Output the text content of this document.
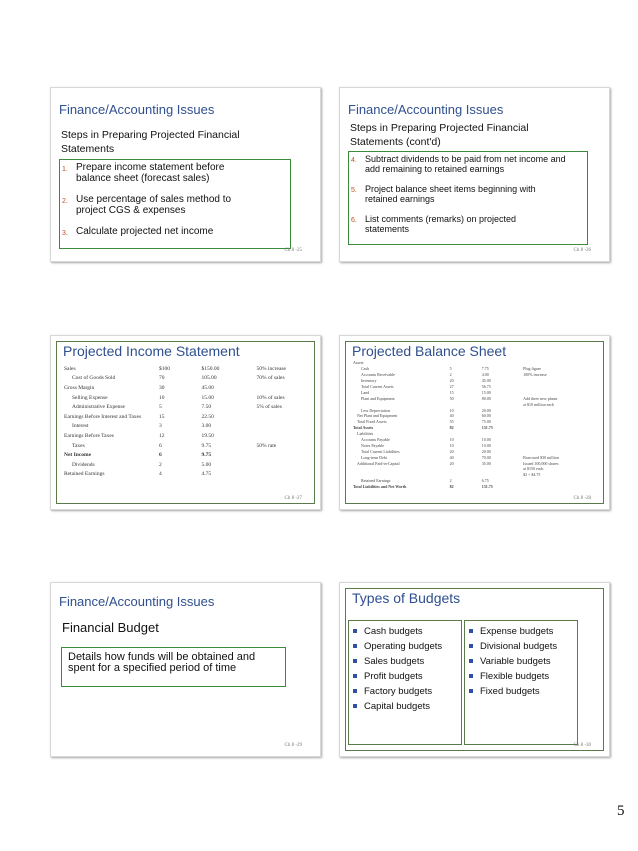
Finance/Accounting Issues
Steps in Preparing Projected Financial Statements
1. Prepare income statement before balance sheet (forecast sales)
2. Use percentage of sales method to project CGS & expenses
3. Calculate projected net income
Ch 8 -25
Finance/Accounting Issues
Steps in Preparing Projected Financial Statements (cont'd)
4. Subtract dividends to be paid from net income and add remaining to retained earnings
5. Project balance sheet items beginning with retained earnings
6. List comments (remarks) on projected statements
Ch 8 -26
Projected Income Statement
Sales	$100	$150.00	50% increase
Cost of Goods Sold	70	105.00	70% of sales
Gross Margin	30	45.00	
Selling Expense	10	15.00	10% of sales
Administrative Expense	5	7.50	5% of sales
Earnings Before Interest and Taxes	15	22.50	
Interest	3	3.00	
Earnings Before Taxes	12	19.50	
Taxes	6	9.75	50% rate
Net Income	6	9.75	
Dividends	2	5.00	
Retained Earnings	4	4.75	
Ch 8 -27
Projected Balance Sheet
Assets			
Cash	5	7.75	Plug figure
Accounts Receivable	2	4.00	100% increase
Inventory	20	45.00	
Total Current Assets	27	56.75	
Land	15	15.00	
Plant and Equipment	50	80.00	Add three new plants
			at $10 million each
Less Depreciation	10	20.00	
Net Plant and Equipment	40	60.00	
Total Fixed Assets	55	75.00	
Total Assets	82	131.75	
Liabilities			
Accounts Payable	10	10.00	
Notes Payable	10	10.00	
Total Current Liabilities	20	20.00	
Long-term Debt	40	70.00	Borrowed $30 million
Additional Paid-in-Capital	20	35.00	Issued 100,000 shares
			at $150 each
			$2 + $4.75
Retained Earnings	2	6.75	
Total Liabilities and Net Worth	82	131.75	
Ch 8 -28
Finance/Accounting Issues
Financial Budget
Details how funds will be obtained and spent for a specified period of time
Ch 8 -29
Types of Budgets
Cash budgets
Operating budgets
Sales budgets
Profit budgets
Factory budgets
Capital budgets
Expense budgets
Divisional budgets
Variable budgets
Flexible budgets
Fixed budgets
Ch 8 -30
5
